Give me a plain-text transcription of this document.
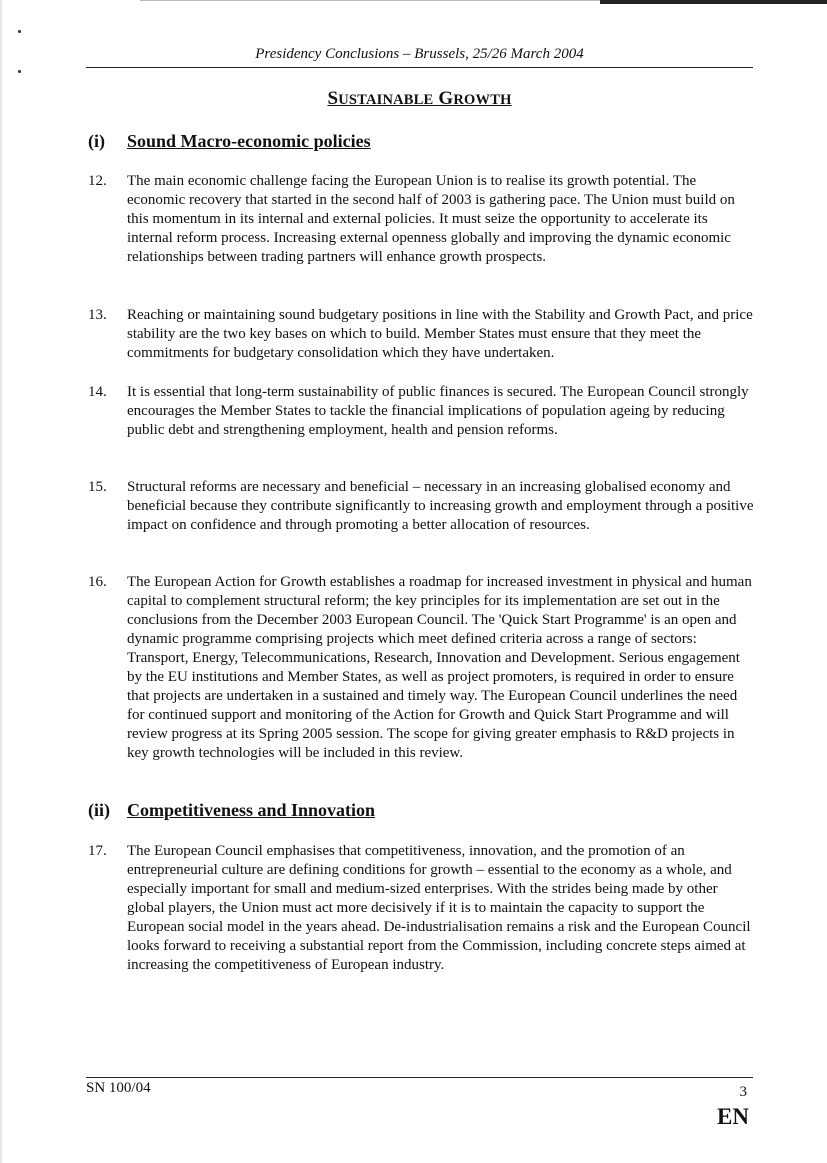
Presidency Conclusions – Brussels, 25/26 March 2004
SUSTAINABLE GROWTH
(i) Sound Macro-economic policies
12. The main economic challenge facing the European Union is to realise its growth potential. The economic recovery that started in the second half of 2003 is gathering pace. The Union must build on this momentum in its internal and external policies. It must seize the opportunity to accelerate its internal reform process. Increasing external openness globally and improving the dynamic economic relationships between trading partners will enhance growth prospects.
13. Reaching or maintaining sound budgetary positions in line with the Stability and Growth Pact, and price stability are the two key bases on which to build. Member States must ensure that they meet the commitments for budgetary consolidation which they have undertaken.
14. It is essential that long-term sustainability of public finances is secured. The European Council strongly encourages the Member States to tackle the financial implications of population ageing by reducing public debt and strengthening employment, health and pension reforms.
15. Structural reforms are necessary and beneficial – necessary in an increasing globalised economy and beneficial because they contribute significantly to increasing growth and employment through a positive impact on confidence and through promoting a better allocation of resources.
16. The European Action for Growth establishes a roadmap for increased investment in physical and human capital to complement structural reform; the key principles for its implementation are set out in the conclusions from the December 2003 European Council. The 'Quick Start Programme' is an open and dynamic programme comprising projects which meet defined criteria across a range of sectors: Transport, Energy, Telecommunications, Research, Innovation and Development. Serious engagement by the EU institutions and Member States, as well as project promoters, is required in order to ensure that projects are undertaken in a sustained and timely way. The European Council underlines the need for continued support and monitoring of the Action for Growth and Quick Start Programme and will review progress at its Spring 2005 session. The scope for giving greater emphasis to R&D projects in key growth technologies will be included in this review.
(ii) Competitiveness and Innovation
17. The European Council emphasises that competitiveness, innovation, and the promotion of an entrepreneurial culture are defining conditions for growth – essential to the economy as a whole, and especially important for small and medium-sized enterprises. With the strides being made by other global players, the Union must act more decisively if it is to maintain the capacity to support the European social model in the years ahead. De-industrialisation remains a risk and the European Council looks forward to receiving a substantial report from the Commission, including concrete steps aimed at increasing the competitiveness of European industry.
SN 100/04	3
EN
